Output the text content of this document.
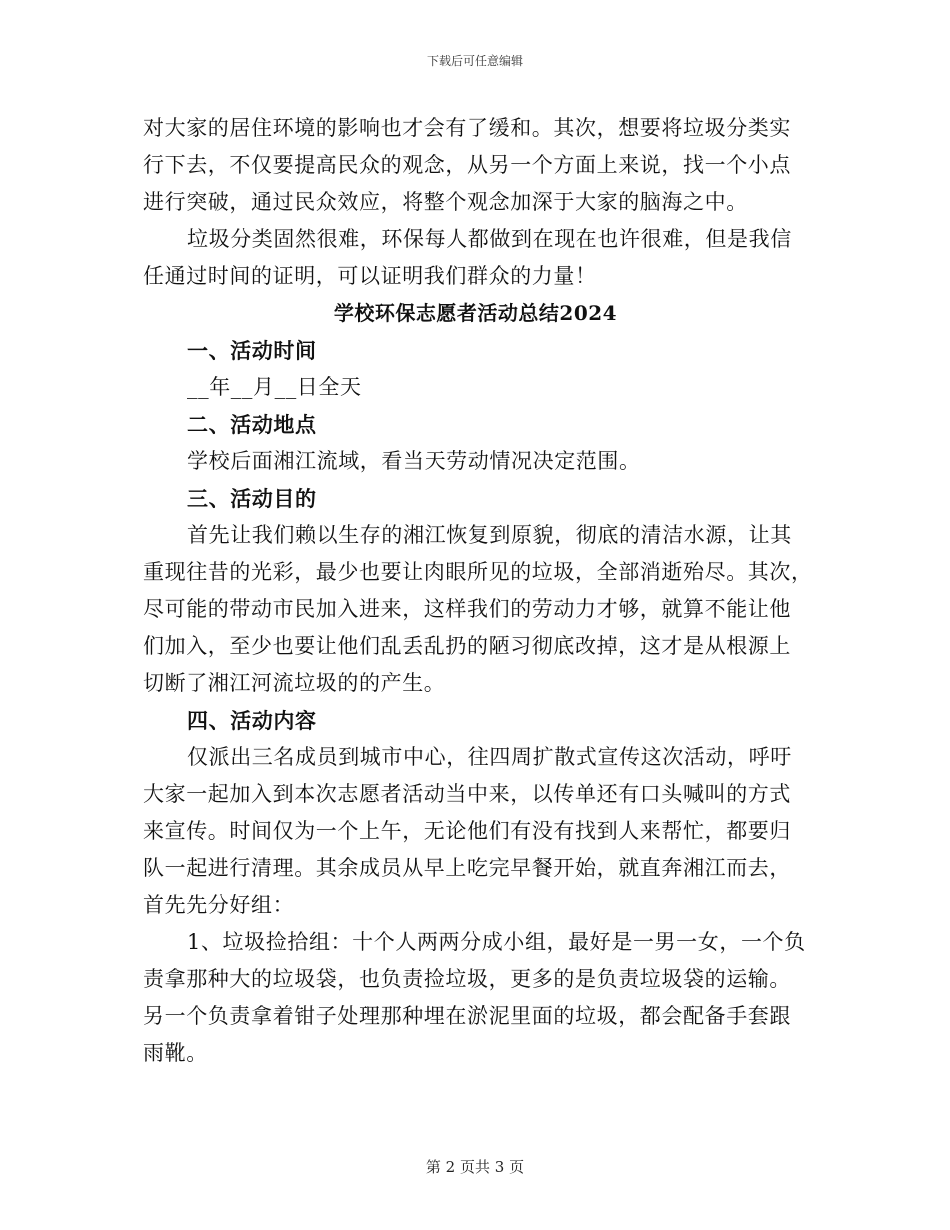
下载后可任意编辑
对大家的居住环境的影响也才会有了缓和。其次，想要将垃圾分类实
行下去，不仅要提高民众的观念，从另一个方面上来说，找一个小点
进行突破，通过民众效应，将整个观念加深于大家的脑海之中。
垃圾分类固然很难，环保每人都做到在现在也许很难，但是我信
任通过时间的证明，可以证明我们群众的力量！
学校环保志愿者活动总结2024
一、活动时间
__年__月__日全天
二、活动地点
学校后面湘江流域，看当天劳动情况决定范围。
三、活动目的
首先让我们赖以生存的湘江恢复到原貌，彻底的清洁水源，让其
重现往昔的光彩，最少也要让肉眼所见的垃圾，全部消逝殆尽。其次，
尽可能的带动市民加入进来，这样我们的劳动力才够，就算不能让他
们加入，至少也要让他们乱丢乱扔的陋习彻底改掉，这才是从根源上
切断了湘江河流垃圾的的产生。
四、活动内容
仅派出三名成员到城市中心，往四周扩散式宣传这次活动，呼吁
大家一起加入到本次志愿者活动当中来，以传单还有口头喊叫的方式
来宣传。时间仅为一个上午，无论他们有没有找到人来帮忙，都要归
队一起进行清理。其余成员从早上吃完早餐开始，就直奔湘江而去，
首先先分好组：
1、垃圾捡拾组：十个人两两分成小组，最好是一男一女，一个负
责拿那种大的垃圾袋，也负责捡垃圾，更多的是负责垃圾袋的运输。
另一个负责拿着钳子处理那种埋在淤泥里面的垃圾，都会配备手套跟
雨靴。
第 2 页共 3 页
